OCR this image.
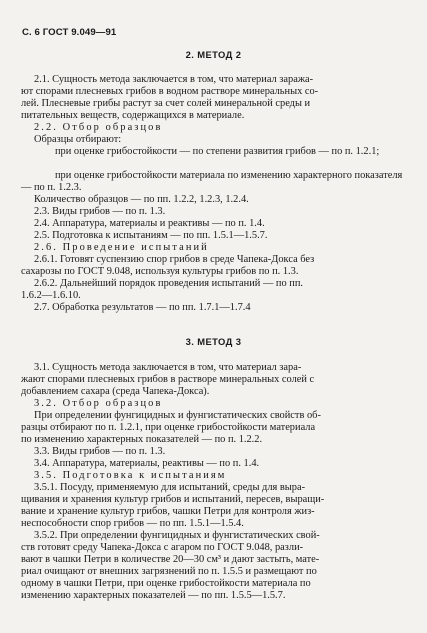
С. 6 ГОСТ 9.049—91
2. МЕТОД 2
2.1. Сущность метода заключается в том, что материал заража-
ют спорами плесневых грибов в водном растворе минеральных со-
лей. Плесневые грибы растут за счет солей минеральной среды и
питательных веществ, содержащихся в материале.
2.2. Отбор образцов
Образцы отбирают:
при оценке грибостойкости — по степени развития грибов — по п. 1.2.1;
при оценке грибостойкости материала по изменению характерного показателя — по п. 1.2.3.
Количество образцов — по пп. 1.2.2, 1.2.3, 1.2.4.
2.3. Виды грибов — по п. 1.3.
2.4. Аппаратура, материалы и реактивы — по п. 1.4.
2.5. Подготовка к испытаниям — по пп. 1.5.1—1.5.7.
2.6. Проведение испытаний
2.6.1. Готовят суспензию спор грибов в среде Чапека-Докса без
сахарозы по ГОСТ 9.048, используя культуры грибов по п. 1.3.
2.6.2. Дальнейший порядок проведения испытаний — по пп.
1.6.2—1.6.10.
2.7. Обработка результатов — по пп. 1.7.1—1.7.4
3. МЕТОД 3
3.1. Сущность метода заключается в том, что материал зара-
жают спорами плесневых грибов в растворе минеральных солей с
добавлением сахара (среда Чапека-Докса).
3.2. Отбор образцов
При определении фунгицидных и фунгистатических свойств об-
разцы отбирают по п. 1.2.1, при оценке грибостойкости материала
по изменению характерных показателей — по п. 1.2.2.
3.3. Виды грибов — по п. 1.3.
3.4. Аппаратура, материалы, реактивы — по п. 1.4.
3.5. Подготовка к испытаниям
3.5.1. Посуду, применяемую для испытаний, среды для выра-
щивания и хранения культур грибов и испытаний, пересев, выращи-
вание и хранение культур грибов, чашки Петри для контроля жиз-
неспособности спор грибов — по пп. 1.5.1—1.5.4.
3.5.2. При определении фунгицидных и фунгистатических свой-
ств готовят среду Чапека-Докса с агаром по ГОСТ 9.048, разли-
вают в чашки Петри в количестве 20—30 см³ и дают застыть, мате-
риал очищают от внешних загрязнений по п. 1.5.5 и размещают по
одному в чашки Петри, при оценке грибостойкости материала по
изменению характерных показателей — по пп. 1.5.5—1.5.7.
